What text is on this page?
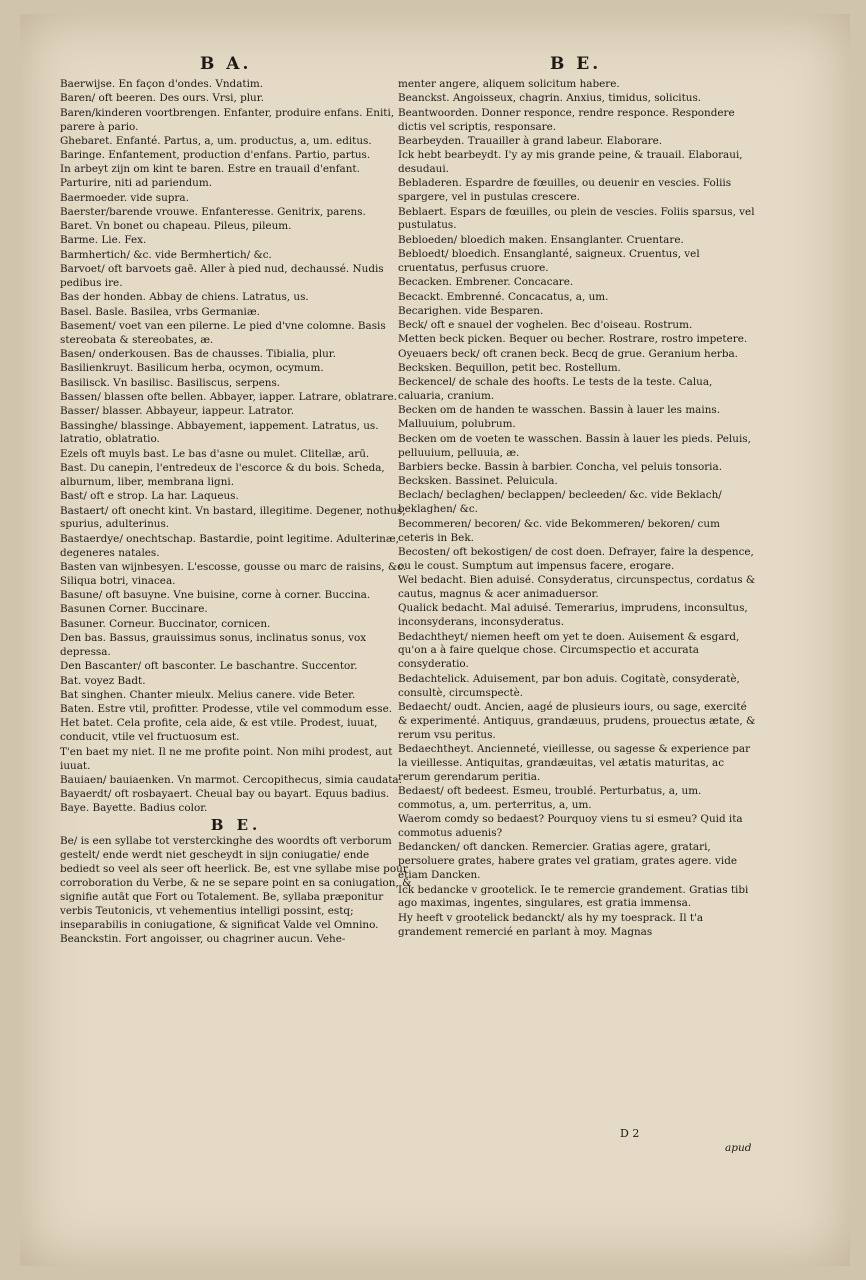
B A.	B E.
Baerwijse. En façon d'ondes. Vndatim.
Baren/ oft beeren. Des ours. Vrsi, plur.
Baren/kinderen voortbrengen. Enfanter, produire enfans. Eniti, parere à pario.
Ghebaret. Enfanté. Partus, a, um. productus, a, um. editus.
Baringe. Enfantement, production d'enfans. Partio, partus.
In arbeyt zijn om kint te baren. Estre en trauail d'enfant. Parturire, niti ad pariendum.
Baermoeder. vide supra.
Baerster/barende vrouwe. Enfanteresse. Genitrix, parens.
Baret. Vn bonet ou chapeau. Pileus, pileum.
Barme. Lie. Fex.
Barmhertich/ &c. vide Bermhertich/ &c.
Barvoet/ oft barvoets gaē. Aller à pied nud, dechaussé. Nudis pedibus ire.
Bas der honden. Abbay de chiens. Latratus, us.
Basel. Basle. Basilea, vrbs Germaniæ.
Basement/ voet van een pilerne. Le pied d'vne colomne. Basis stereobata & stereobates, æ.
Basen/ onderkousen. Bas de chausses. Tibialia, plur.
Basilienkruyt. Basilicum herba, ocymon, ocymum.
Basilisck. Vn basilisc. Basiliscus, serpens.
Bassen/ blassen ofte bellen. Abbayer, iapper. Latrare, oblatrare.
Basser/ blasser. Abbayeur, iappeur. Latrator.
Bassinghe/ blassinge. Abbayement, iappement. Latratus, us. latratio, oblatratio.
Ezels oft muyls bast. Le bas d'asne ou mulet. Clitellæ, arū.
Bast. Du canepin, l'entredeux de l'escorce & du bois. Scheda, alburnum, liber, membrana ligni.
Bast/ oft e strop. La har. Laqueus.
Bastaert/ oft onecht kint. Vn bastard, illegitime. Degener, nothus, spurius, adulterinus.
Bastaerdye/ onechtschap. Bastardie, point legitime. Adulterinæ, degeneres natales.
Basten van wijnbesyen. L'escosse, gousse ou marc de raisins, &c. Siliqua botri, vinacea.
Basune/ oft basuyne. Vne buisine, corne à corner. Buccina.
Basunen Corner. Buccinare.
Basuner. Corneur. Buccinator, cornicen.
Den bas. Bassus, grauissimus sonus, inclinatus sonus, vox depressa.
Den Bascanter/ oft basconter. Le baschantre. Succentor.
Bat. voyez Badt.
Bat singhen. Chanter mieulx. Melius canere. vide Beter.
Baten. Estre vtil, profitter. Prodesse, vtile vel commodum esse.
Het batet. Cela profite, cela aide, & est vtile. Prodest, iuuat, conducit, vtile vel fructuosum est.
T'en baet my niet. Il ne me profite point. Non mihi prodest, aut iuuat.
Bauiaen/ bauiaenken. Vn marmot. Cercopithecus, simia caudata.
Bayaerdt/ oft rosbayaert. Cheual bay ou bayart. Equus badius.
Baye. Bayette. Badius color.
B E.
Be/ is een syllabe tot versterckinghe des woordts oft verborum gestelt/ ende werdt niet gescheydt in sijn coniugatie/ ende bediedt so veel als seer oft heerlick. Be, est vne syllabe mise pour corroboration du Verbe, & ne se separe point en sa coniugation, & signifie autāt que Fort ou Totalement. Be, syllaba præponitur verbis Teutonicis, vt vehementius intelligi possint, estq; inseparabilis in coniugatione, & significat Valde vel Omnino.
Beanckstin. Fort angoisser, ou chagriner aucun. Vehe-
menter angere, aliquem solicitum habere.
Beanckst. Angoisseux, chagrin. Anxius, timidus, solicitus.
Beantwoorden. Donner responce, rendre responce. Respondere dictis vel scriptis, responsare.
Bearbeyden. Trauailler à grand labeur. Elaborare.
Ick hebt bearbeydt. I'y ay mis grande peine, & trauail. Elaboraui, desudaui.
Bebladeren. Espardre de fœuilles, ou deuenir en vescies. Foliis spargere, vel in pustulas crescere.
Beblaert. Espars de fœuilles, ou plein de vescies. Foliis sparsus, vel pustulatus.
Bebloeden/ bloedich maken. Ensanglanter. Cruentare.
Bebloedt/ bloedich. Ensanglanté, saigneux. Cruentus, vel cruentatus, perfusus cruore.
Becacken. Embrener. Concacare.
Becackt. Embrenné. Concacatus, a, um.
Becarighen. vide Besparen.
Beck/ oft e snauel der voghelen. Bec d'oiseau. Rostrum.
Metten beck picken. Bequer ou becher. Rostrare, rostro impetere.
Oyeuaers beck/ oft cranen beck. Becq de grue. Geranium herba.
Becksken. Bequillon, petit bec. Rostellum.
Beckencel/ de schale des hoofts. Le tests de la teste. Calua, caluaria, cranium.
Becken om de handen te wasschen. Bassin à lauer les mains. Malluuium, polubrum.
Becken om de voeten te wasschen. Bassin à lauer les pieds. Peluis, pelluuium, pelluuia, æ.
Barbiers becke. Bassin à barbier. Concha, vel peluis tonsoria.
Becksken. Bassinet. Peluicula.
Beclach/ beclaghen/ beclappen/ becleeden/ &c. vide Beklach/ beklaghen/ &c.
Becommeren/ becoren/ &c. vide Bekommeren/ bekoren/ cum ceteris in Bek.
Becosten/ oft bekostigen/ de cost doen. Defrayer, faire la despence, ou le coust. Sumptum aut impensus facere, erogare.
Wel bedacht. Bien aduisé. Consyderatus, circunspectus, cordatus & cautus, magnus & acer animaduersor.
Qualick bedacht. Mal aduisé. Temerarius, imprudens, inconsultus, inconsyderans, inconsyderatus.
Bedachtheyt/ niemen heeft om yet te doen. Auisement & esgard, qu'on a à faire quelque chose. Circumspectio et accurata consyderatio.
Bedachtelick. Aduisement, par bon aduis. Cogitatè, consyderatè, consultè, circumspectè.
Bedaecht/ oudt. Ancien, aagé de plusieurs iours, ou sage, exercité & experimenté. Antiquus, grandæuus, prudens, prouectus ætate, & rerum vsu peritus.
Bedaechtheyt. Ancienneté, vieillesse, ou sagesse & experience par la vieillesse. Antiquitas, grandæuitas, vel ætatis maturitas, ac rerum gerendarum peritia.
Bedaest/ oft bedeest. Esmeu, troublé. Perturbatus, a, um. commotus, a, um. perterritus, a, um.
Waerom comdy so bedaest? Pourquoy viens tu si esmeu? Quid ita commotus aduenis?
Bedancken/ oft dancken. Remercier. Gratias agere, gratari, persoluere grates, habere grates vel gratiam, grates agere. vide etiam Dancken.
Ick bedancke v grootelick. Ie te remercie grandement. Gratias tibi ago maximas, ingentes, singulares, est gratia immensa.
Hy heeft v grootelick bedanckt/ als hy my toesprack. Il t'a grandement remercié en parlant à moy. Magnas
D 2
apud
